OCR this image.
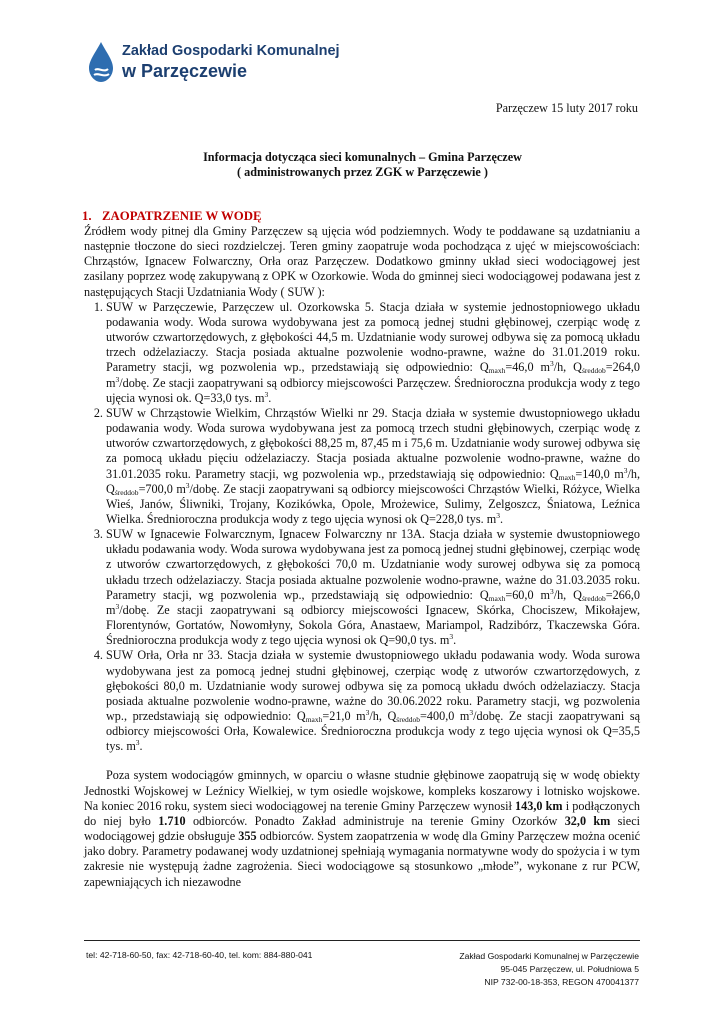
Zakład Gospodarki Komunalnej
w Parzęczewie
Parzęczew 15 luty 2017 roku
Informacja dotycząca sieci komunalnych – Gmina Parzęczew
( administrowanych przez ZGK w Parzęczewie )
1. ZAOPATRZENIE W WODĘ

Źródłem wody pitnej dla Gminy Parzęczew są ujęcia wód podziemnych. Wody te poddawane są uzdatnianiu a następnie tłoczone do sieci rozdzielczej. Teren gminy zaopatruje woda pochodząca z ujęć w miejscowościach: Chrząstów, Ignacew Folwarczny, Orła oraz Parzęczew. Dodatkowo gminny układ sieci wodociągowej jest zasilany poprzez wodę zakupywaną z OPK w Ozorkowie. Woda do gminnej sieci wodociągowej podawana jest z następujących Stacji Uzdatniania Wody ( SUW ):

1. SUW w Parzęczewie, Parzęczew ul. Ozorkowska 5. Stacja działa w systemie jednostopniowego układu podawania wody. Woda surowa wydobywana jest za pomocą jednej studni głębinowej, czerpiąc wodę z utworów czwartorzędowych, z głębokości 44,5 m. Uzdatnianie wody surowej odbywa się za pomocą układu trzech odżelaziaczy. Stacja posiada aktualne pozwolenie wodno-prawne, ważne do 31.01.2019 roku. Parametry stacji, wg pozwolenia wp., przedstawiają się odpowiednio: $Q_{maxh}=46,0$ $m^3/h$, $Q_{średdob}=264,0$ $m^3$/dobę. Ze stacji zaopatrywani są odbiorcy miejscowości Parzęczew. Średnioroczna produkcja wody z tego ujęcia wynosi ok. Q=33,0 tys. $m^3$.
2. SUW w Chrząstowie Wielkim, Chrząstów Wielki nr 29. Stacja działa w systemie dwustopniowego układu podawania wody. Woda surowa wydobywana jest za pomocą trzech studni głębinowych, czerpiąc wodę z utworów czwartorzędowych, z głębokości 88,25 m, 87,45 m i 75,6 m. Uzdatnianie wody surowej odbywa się za pomocą układu pięciu odżelaziaczy. Stacja posiada aktualne pozwolenie wodno-prawne, ważne do 31.01.2035 roku. Parametry stacji, wg pozwolenia wp., przedstawiają się odpowiednio: $Q_{maxh}=140,0$ $m^3/h$, $Q_{średdob}=700,0$ $m^3$/dobę. Ze stacji zaopatrywani są odbiorcy miejscowości Chrząstów Wielki, Różyce, Wielka Wieś, Janów, Śliwniki, Trojany, Kozikówka, Opole, Mrożewice, Sulimy, Zelgoszcz, Śniatowa, Leźnica Wielka. Średnioroczna produkcja wody z tego ujęcia wynosi ok Q=228,0 tys. $m^3$.
3. SUW w Ignacewie Folwarcznym, Ignacew Folwarczny nr 13A. Stacja działa w systemie dwustopniowego układu podawania wody. Woda surowa wydobywana jest za pomocą jednej studni głębinowej, czerpiąc wodę z utworów czwartorzędowych, z głębokości 70,0 m. Uzdatnianie wody surowej odbywa się za pomocą układu trzech odżelaziaczy. Stacja posiada aktualne pozwolenie wodno-prawne, ważne do 31.03.2035 roku. Parametry stacji, wg pozwolenia wp., przedstawiają się odpowiednio: $Q_{maxh}=60,0$ $m^3/h$, $Q_{średdob}=266,0$ $m^3$/dobę. Ze stacji zaopatrywani są odbiorcy miejscowości Ignacew, Skórka, Chociszew, Mikołajew, Florentynów, Gortatów, Nowomłyny, Sokola Góra, Anastaew, Mariampol, Radzibórz, Tkaczewska Góra. Średnioroczna produkcja wody z tego ujęcia wynosi ok Q=90,0 tys. $m^3$.
4. SUW Orła, Orła nr 33. Stacja działa w systemie dwustopniowego układu podawania wody. Woda surowa wydobywana jest za pomocą jednej studni głębinowej, czerpiąc wodę z utworów czwartorzędowych, z głębokości 80,0 m. Uzdatnianie wody surowej odbywa się za pomocą układu dwóch odżelaziaczy. Stacja posiada aktualne pozwolenie wodno-prawne, ważne do 30.06.2022 roku. Parametry stacji, wg pozwolenia wp., przedstawiają się odpowiednio: $Q_{maxh}=21,0$ $m^3/h$, $Q_{średdob}=400,0$ $m^3$/dobę. Ze stacji zaopatrywani są odbiorcy miejscowości Orła, Kowalewice. Średnioroczna produkcja wody z tego ujęcia wynosi ok Q=35,5 tys. $m^3$.

Poza system wodociągów gminnych, w oparciu o własne studnie głębinowe zaopatrują się w wodę obiekty Jednostki Wojskowej w Leźnicy Wielkiej, w tym osiedle wojskowe, kompleks koszarowy i lotnisko wojskowe. Na koniec 2016 roku, system sieci wodociągowej na terenie Gminy Parzęczew wynosił 143,0 km i podłączonych do niej było 1.710 odbiorców. Ponadto Zakład administruje na terenie Gminy Ozorków 32,0 km sieci wodociągowej gdzie obsługuje 355 odbiorców. System zaopatrzenia w wodę dla Gminy Parzęczew można ocenić jako dobry. Parametry podawanej wody uzdatnionej spełniają wymagania normatywne wody do spożycia i w tym zakresie nie występują żadne zagrożenia. Sieci wodociągowe są stosunkowo „młode”, wykonane z rur PCW, zapewniających ich niezawodne

tel: 42-718-60-50, fax: 42-718-60-40, tel. kom: 884-880-041	Zakład Gospodarki Komunalnej w Parzęczewie
95-045 Parzęczew, ul. Południowa 5
NIP 732-00-18-353, REGON 470041377
